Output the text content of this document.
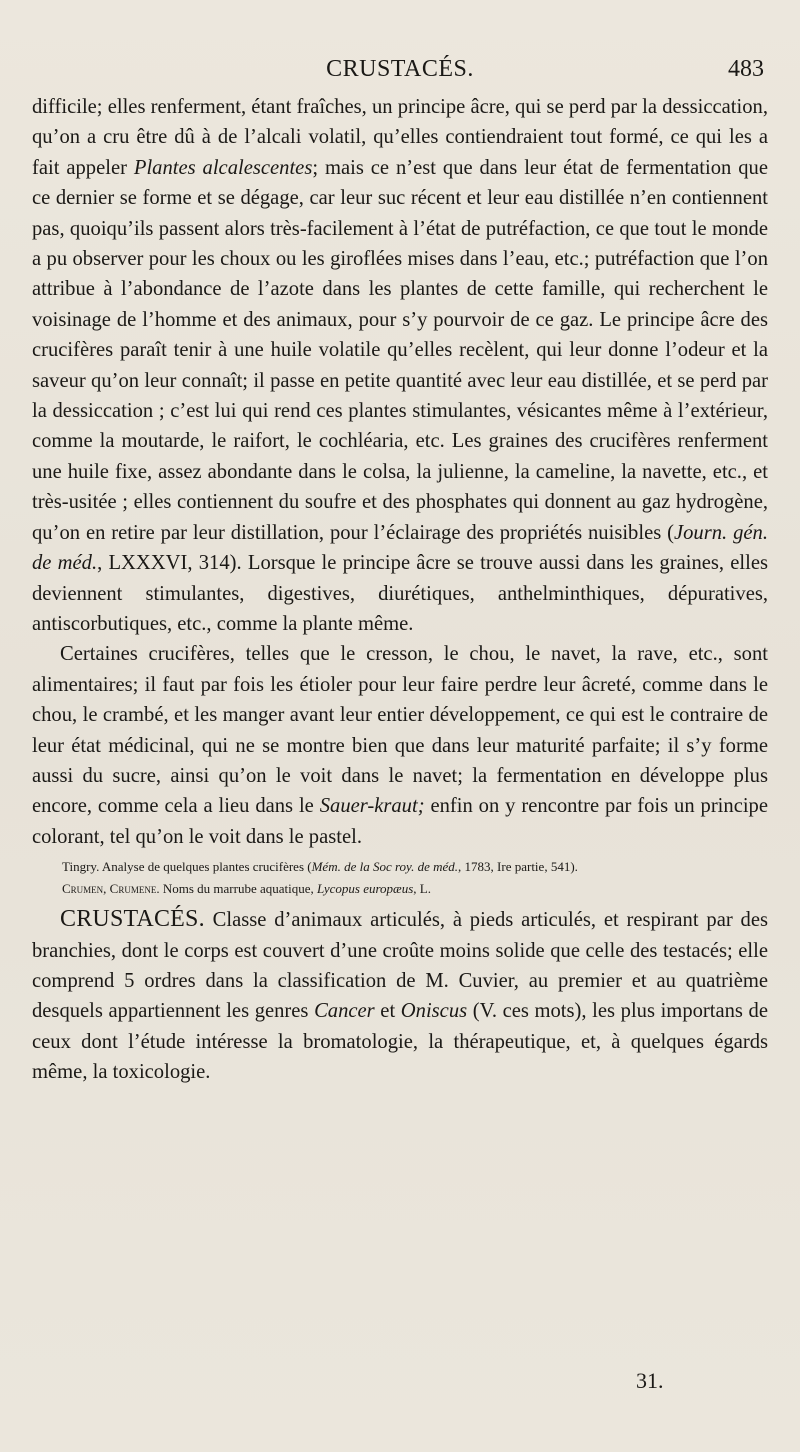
CRUSTACÉS.	483

difficile; elles renferment, étant fraîches, un principe âcre, qui se perd par la dessiccation, qu’on a cru être dû à de l’alcali volatil, qu’elles contiendraient tout formé, ce qui les a fait appeler Plantes alcalescentes; mais ce n’est que dans leur état de fermentation que ce dernier se forme et se dégage, car leur suc récent et leur eau distillée n’en contiennent pas, quoiqu’ils passent alors très-facilement à l’état de putréfaction, ce que tout le monde a pu observer pour les choux ou les giroflées mises dans l’eau, etc.; putréfaction que l’on attribue à l’abondance de l’azote dans les plantes de cette famille, qui recherchent le voisinage de l’homme et des animaux, pour s’y pourvoir de ce gaz. Le principe âcre des crucifères paraît tenir à une huile volatile qu’elles recèlent, qui leur donne l’odeur et la saveur qu’on leur connaît; il passe en petite quantité avec leur eau distillée, et se perd par la dessiccation ; c’est lui qui rend ces plantes stimulantes, vésicantes même à l’extérieur, comme la moutarde, le raifort, le cochléaria, etc. Les graines des crucifères renferment une huile fixe, assez abondante dans le colsa, la julienne, la cameline, la navette, etc., et très-usitée ; elles contiennent du soufre et des phosphates qui donnent au gaz hydrogène, qu’on en retire par leur distillation, pour l’éclairage des propriétés nuisibles (Journ. gén. de méd., LXXXVI, 314). Lorsque le principe âcre se trouve aussi dans les graines, elles deviennent stimulantes, digestives, diurétiques, anthelminthiques, dépuratives, antiscorbutiques, etc., comme la plante même.

Certaines crucifères, telles que le cresson, le chou, le navet, la rave, etc., sont alimentaires; il faut par fois les étioler pour leur faire perdre leur âcreté, comme dans le chou, le crambé, et les manger avant leur entier développement, ce qui est le contraire de leur état médicinal, qui ne se montre bien que dans leur maturité parfaite; il s’y forme aussi du sucre, ainsi qu’on le voit dans le navet; la fermentation en développe plus encore, comme cela a lieu dans le Sauer-kraut; enfin on y rencontre par fois un principe colorant, tel qu’on le voit dans le pastel.

Tingry. Analyse de quelques plantes crucifères (Mém. de la Soc roy. de méd., 1783, Ire partie, 541).

Crumen, Crumene. Noms du marrube aquatique, Lycopus europæus, L.

CRUSTACÉS. Classe d’animaux articulés, à pieds articulés, et respirant par des branchies, dont le corps est couvert d’une croûte moins solide que celle des testacés; elle comprend 5 ordres dans la classification de M. Cuvier, au premier et au quatrième desquels appartiennent les genres Cancer et Oniscus (V. ces mots), les plus importans de ceux dont l’étude intéresse la bromatologie, la thérapeutique, et, à quelques égards même, la toxicologie.

31.
